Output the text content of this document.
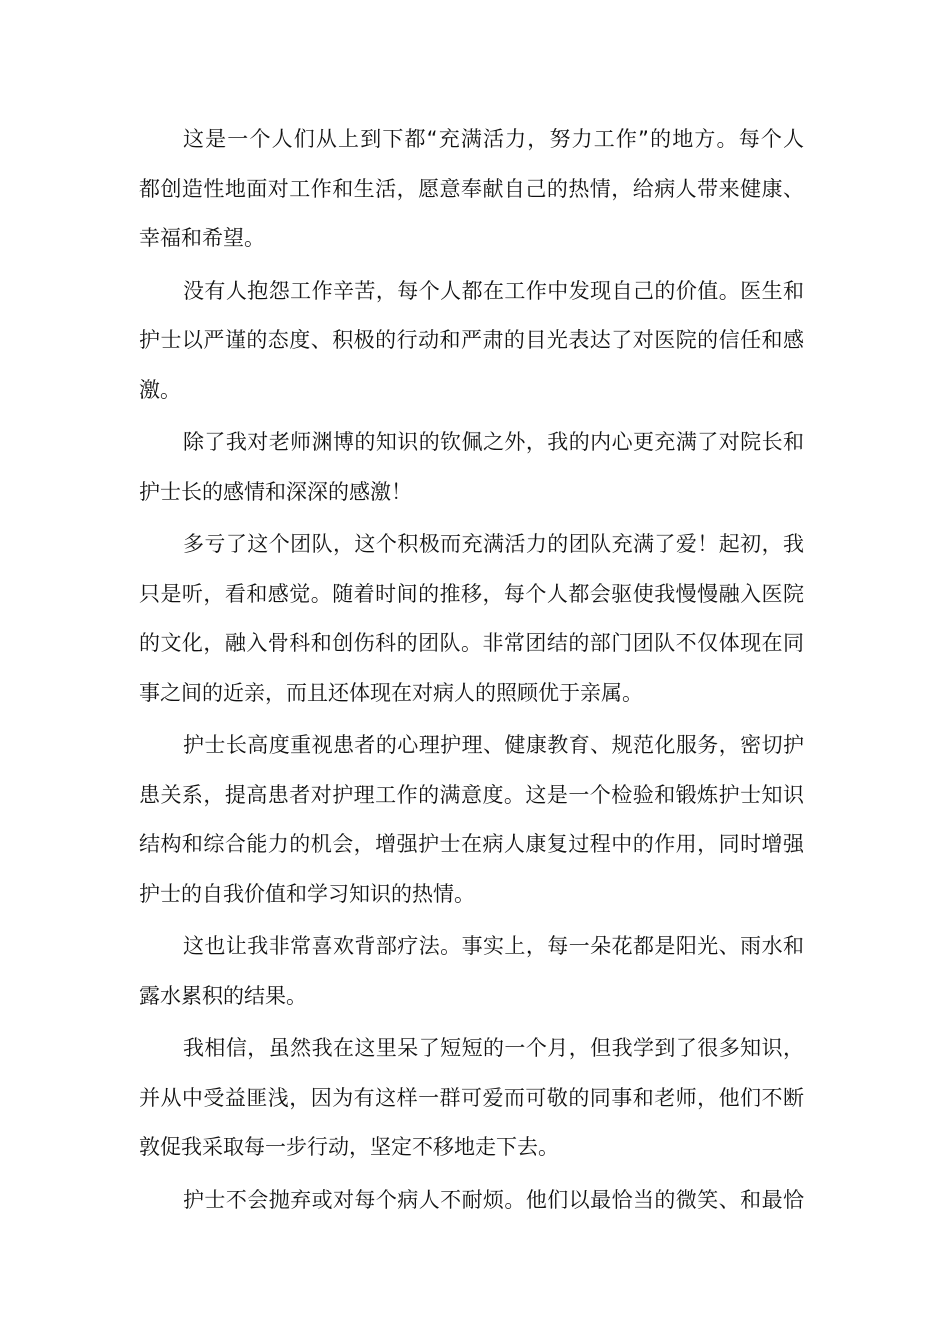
这是一个人们从上到下都“充满活力，努力工作”的地方。每个人
都创造性地面对工作和生活，愿意奉献自己的热情，给病人带来健康、
幸福和希望。
没有人抱怨工作辛苦，每个人都在工作中发现自己的价值。医生和
护士以严谨的态度、积极的行动和严肃的目光表达了对医院的信任和感
激。
除了我对老师渊博的知识的钦佩之外，我的内心更充满了对院长和
护士长的感情和深深的感激！
多亏了这个团队，这个积极而充满活力的团队充满了爱！起初，我
只是听，看和感觉。随着时间的推移，每个人都会驱使我慢慢融入医院
的文化，融入骨科和创伤科的团队。非常团结的部门团队不仅体现在同
事之间的近亲，而且还体现在对病人的照顾优于亲属。
护士长高度重视患者的心理护理、健康教育、规范化服务，密切护
患关系，提高患者对护理工作的满意度。这是一个检验和锻炼护士知识
结构和综合能力的机会，增强护士在病人康复过程中的作用，同时增强
护士的自我价值和学习知识的热情。
这也让我非常喜欢背部疗法。事实上，每一朵花都是阳光、雨水和
露水累积的结果。
我相信，虽然我在这里呆了短短的一个月，但我学到了很多知识，
并从中受益匪浅，因为有这样一群可爱而可敬的同事和老师，他们不断
敦促我采取每一步行动，坚定不移地走下去。
护士不会抛弃或对每个病人不耐烦。他们以最恰当的微笑、和最恰
